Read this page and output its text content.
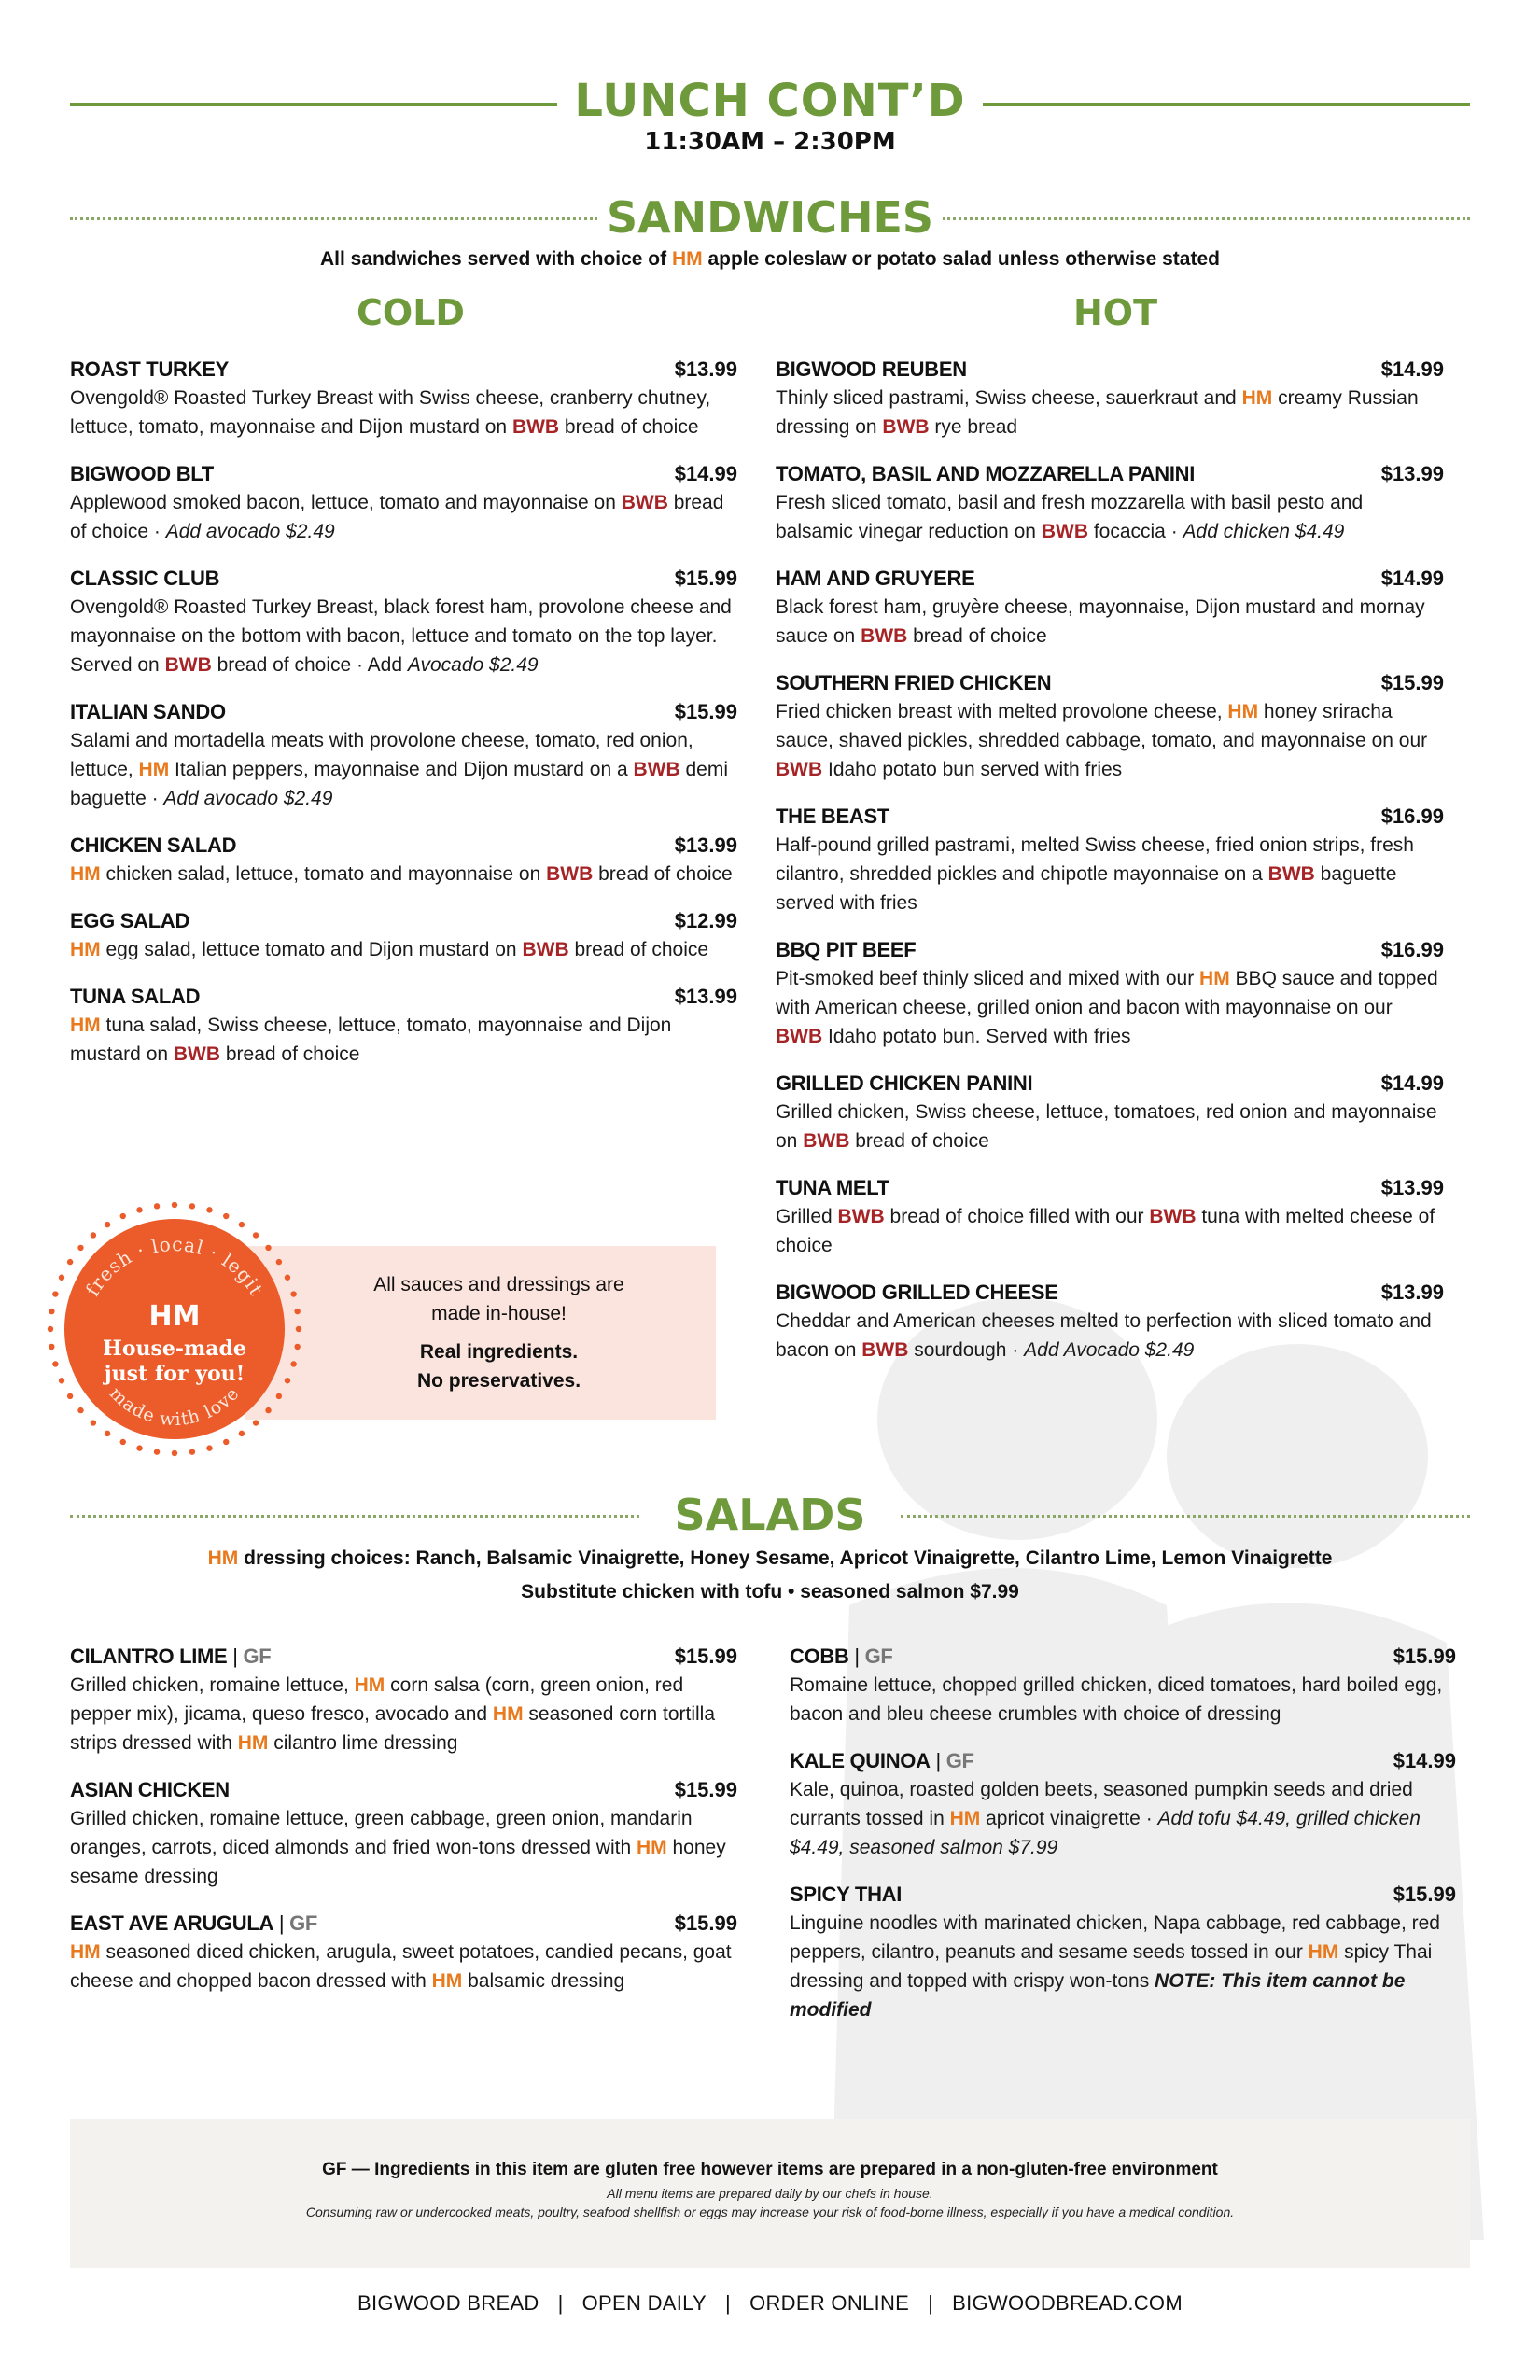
LUNCH CONT’D
11:30AM – 2:30PM
SANDWICHES
All sandwiches served with choice of HM apple coleslaw or potato salad unless otherwise stated
COLD	HOT
ROAST TURKEY	$13.99
Ovengold® Roasted Turkey Breast with Swiss cheese, cranberry chutney, lettuce, tomato, mayonnaise and Dijon mustard on BWB bread of choice
BIGWOOD BLT	$14.99
Applewood smoked bacon, lettuce, tomato and mayonnaise on BWB bread of choice · Add avocado $2.49
CLASSIC CLUB	$15.99
Ovengold® Roasted Turkey Breast, black forest ham, provolone cheese and mayonnaise on the bottom with bacon, lettuce and tomato on the top layer. Served on BWB bread of choice · Add Avocado $2.49
ITALIAN SANDO	$15.99
Salami and mortadella meats with provolone cheese, tomato, red onion, lettuce, HM Italian peppers, mayonnaise and Dijon mustard on a BWB demi baguette · Add avocado $2.49
CHICKEN SALAD	$13.99
HM chicken salad, lettuce, tomato and mayonnaise on BWB bread of choice
EGG SALAD	$12.99
HM egg salad, lettuce tomato and Dijon mustard on BWB bread of choice
TUNA SALAD	$13.99
HM tuna salad, Swiss cheese, lettuce, tomato, mayonnaise and Dijon mustard on BWB bread of choice
BIGWOOD REUBEN	$14.99
Thinly sliced pastrami, Swiss cheese, sauerkraut and HM creamy Russian dressing on BWB rye bread
TOMATO, BASIL AND MOZZARELLA PANINI	$13.99
Fresh sliced tomato, basil and fresh mozzarella with basil pesto and balsamic vinegar reduction on BWB focaccia · Add chicken $4.49
HAM AND GRUYERE	$14.99
Black forest ham, gruyère cheese, mayonnaise, Dijon mustard and mornay sauce on BWB bread of choice
SOUTHERN FRIED CHICKEN	$15.99
Fried chicken breast with melted provolone cheese, HM honey sriracha sauce, shaved pickles, shredded cabbage, tomato, and mayonnaise on our BWB Idaho potato bun served with fries
THE BEAST	$16.99
Half-pound grilled pastrami, melted Swiss cheese, fried onion strips, fresh cilantro, shredded pickles and chipotle mayonnaise on a BWB baguette served with fries
BBQ PIT BEEF	$16.99
Pit-smoked beef thinly sliced and mixed with our HM BBQ sauce and topped with American cheese, grilled onion and bacon with mayonnaise on our BWB Idaho potato bun. Served with fries
GRILLED CHICKEN PANINI	$14.99
Grilled chicken, Swiss cheese, lettuce, tomatoes, red onion and mayonnaise on BWB bread of choice
TUNA MELT	$13.99
Grilled BWB bread of choice filled with our BWB tuna with melted cheese of choice
BIGWOOD GRILLED CHEESE	$13.99
Cheddar and American cheeses melted to perfection with sliced tomato and bacon on BWB sourdough · Add Avocado $2.49

All sauces and dressings are

made in-house!

Real ingredients.

No preservatives.

fresh · local · legit
HM
House-made
just for you!
made with love
SALADS
HM dressing choices: Ranch, Balsamic Vinaigrette, Honey Sesame, Apricot Vinaigrette, Cilantro Lime, Lemon Vinaigrette
Substitute chicken with tofu • seasoned salmon $7.99
CILANTRO LIME | GF	$15.99
Grilled chicken, romaine lettuce, HM corn salsa (corn, green onion, red pepper mix), jicama, queso fresco, avocado and HM seasoned corn tortilla strips dressed with HM cilantro lime dressing
ASIAN CHICKEN	$15.99
Grilled chicken, romaine lettuce, green cabbage, green onion, mandarin oranges, carrots, diced almonds and fried won-tons dressed with HM honey sesame dressing
EAST AVE ARUGULA | GF	$15.99
HM seasoned diced chicken, arugula, sweet potatoes, candied pecans, goat cheese and chopped bacon dressed with HM balsamic dressing
COBB | GF	$15.99
Romaine lettuce, chopped grilled chicken, diced tomatoes, hard boiled egg, bacon and bleu cheese crumbles with choice of dressing
KALE QUINOA | GF	$14.99
Kale, quinoa, roasted golden beets, seasoned pumpkin seeds and dried currants tossed in HM apricot vinaigrette · Add tofu $4.49, grilled chicken $4.49, seasoned salmon $7.99
SPICY THAI	$15.99
Linguine noodles with marinated chicken, Napa cabbage, red cabbage, red peppers, cilantro, peanuts and sesame seeds tossed in our HM spicy Thai dressing and topped with crispy won-tons NOTE: This item cannot be modified
GF — Ingredients in this item are gluten free however items are prepared in a non-gluten-free environment
All menu items are prepared daily by our chefs in house.
Consuming raw or undercooked meats, poultry, seafood shellfish or eggs may increase your risk of food-borne illness, especially if you have a medical condition.
BIGWOOD BREAD | OPEN DAILY | ORDER ONLINE | BIGWOODBREAD.COM
